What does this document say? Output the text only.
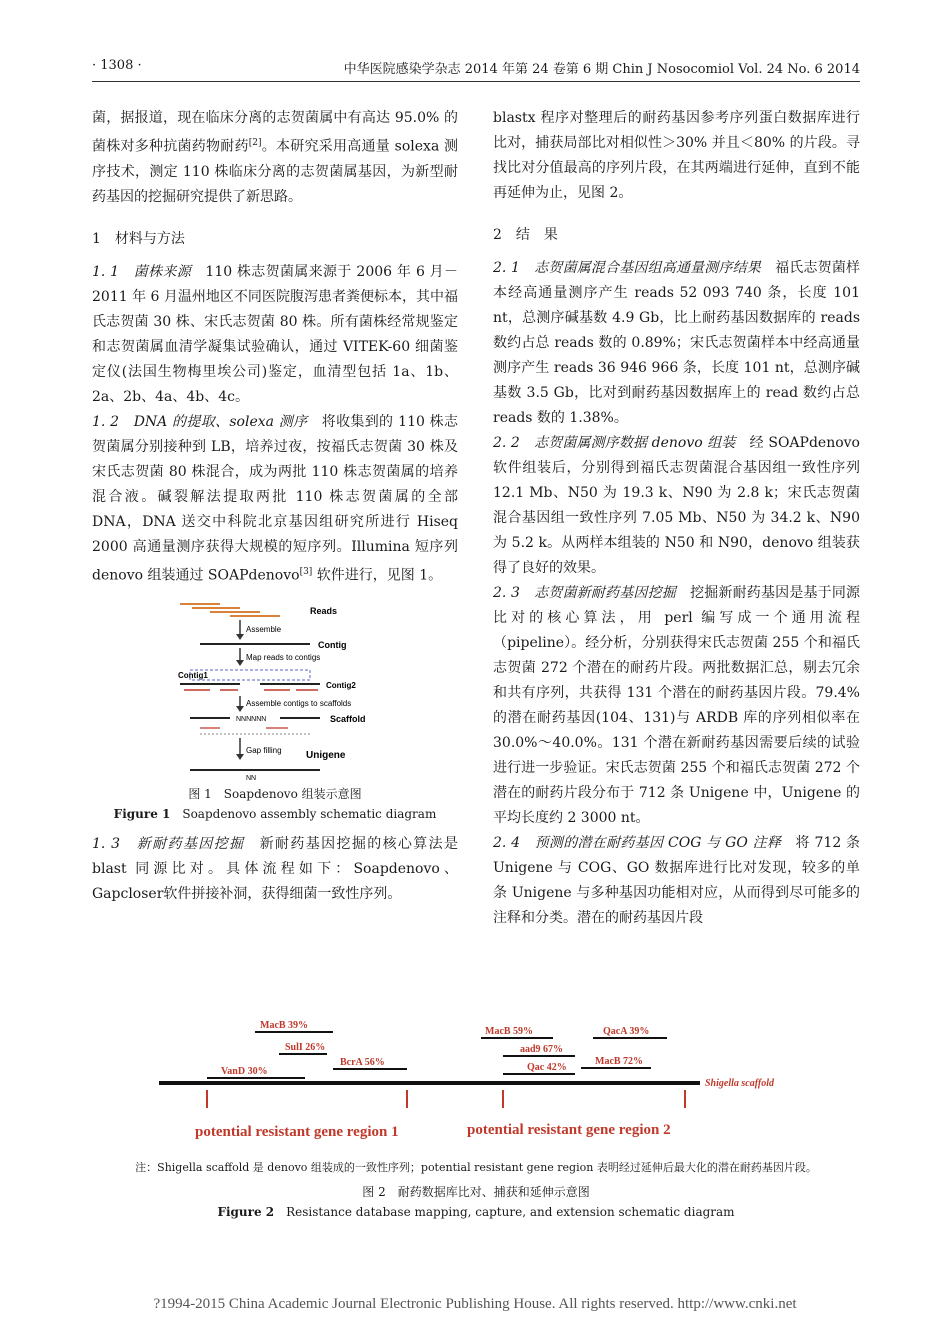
· 1308 ·	中华医院感染学杂志 2014 年第 24 卷第 6 期 Chin J Nosocomiol Vol. 24 No. 6 2014

菌，据报道，现在临床分离的志贺菌属中有高达 95.0% 的菌株对多种抗菌药物耐药[2]。本研究采用高通量 solexa 测序技术，测定 110 株临床分离的志贺菌属基因，为新型耐药基因的挖掘研究提供了新思路。

1　材料与方法

1. 1　菌株来源　110 株志贺菌属来源于 2006 年 6 月－2011 年 6 月温州地区不同医院腹泻患者粪便标本，其中福氏志贺菌 30 株、宋氏志贺菌 80 株。所有菌株经常规鉴定和志贺菌属血清学凝集试验确认，通过 VITEK-60 细菌鉴定仪(法国生物梅里埃公司)鉴定，血清型包括 1a、1b、2a、2b、4a、4b、4c。

1. 2　DNA 的提取、solexa 测序　将收集到的 110 株志贺菌属分别接种到 LB，培养过夜，按福氏志贺菌 30 株及宋氏志贺菌 80 株混合，成为两批 110 株志贺菌属的培养混合液。碱裂解法提取两批 110 株志贺菌属的全部 DNA，DNA 送交中科院北京基因组研究所进行 Hiseq 2000 高通量测序获得大规模的短序列。Illumina 短序列 denovo 组装通过 SOAPdenovo[3] 软件进行，见图 1。

Reads
Assemble
Contig
Map reads to contigs
Contig1
Contig2
Assemble contigs to scaffolds
NNNNNN	Scaffold
Gap filling Unigene
NN
图 1　Soapdenovo 组装示意图
Figure 1　Soapdenovo assembly schematic diagram

1. 3　新耐药基因挖掘　新耐药基因挖掘的核心算法是 blast 同源比对。具体流程如下：Soapdenovo、Gapcloser软件拼接补洞，获得细菌一致性序列。

blastx 程序对整理后的耐药基因参考序列蛋白数据库进行比对，捕获局部比对相似性＞30% 并且＜80% 的片段。寻找比对分值最高的序列片段，在其两端进行延伸，直到不能再延伸为止，见图 2。

2　结　果

2. 1　志贺菌属混合基因组高通量测序结果　福氏志贺菌样本经高通量测序产生 reads 52 093 740 条，长度 101 nt，总测序碱基数 4.9 Gb，比上耐药基因数据库的 reads 数约占总 reads 数的 0.89%；宋氏志贺菌样本中经高通量测序产生 reads 36 946 966 条，长度 101 nt，总测序碱基数 3.5 Gb，比对到耐药基因数据库上的 read 数约占总 reads 数的 1.38%。

2. 2　志贺菌属测序数据 denovo 组装　经 SOAPdenovo 软件组装后，分别得到福氏志贺菌混合基因组一致性序列 12.1 Mb、N50 为 19.3 k、N90 为 2.8 k；宋氏志贺菌混合基因组一致性序列 7.05 Mb、N50 为 34.2 k、N90 为 5.2 k。从两样本组装的 N50 和 N90，denovo 组装获得了良好的效果。

2. 3　志贺菌新耐药基因挖掘　挖掘新耐药基因是基于同源比对的核心算法，用 perl 编写成一个通用流程（pipeline）。经分析，分别获得宋氏志贺菌 255 个和福氏志贺菌 272 个潜在的耐药片段。两批数据汇总，剔去冗余和共有序列，共获得 131 个潜在的耐药基因片段。79.4%的潜在耐药基因(104、131)与 ARDB 库的序列相似率在 30.0%～40.0%。131 个潜在新耐药基因需要后续的试验进行进一步验证。宋氏志贺菌 255 个和福氏志贺菌 272 个潜在的耐药片段分布于 712 条 Unigene 中，Unigene 的平均长度约 2 3000 nt。

2. 4　预测的潜在耐药基因 COG 与 GO 注释　将 712 条 Unigene 与 COG、GO 数据库进行比对发现，较多的单条 Unigene 与多种基因功能相对应，从而得到尽可能多的注释和分类。潜在的耐药基因片段

MacB 39%
SulI 26%
BcrA 56%
VanD 30%
MacB 59%
aad9 67%
Qac 42%
QacA 39%
MacB 72%
Shigella scaffold
potential resistant gene region 1	potential resistant gene region 2
注：Shigella scaffold 是 denovo 组装成的一致性序列；potential resistant gene region 表明经过延伸后最大化的潜在耐药基因片段。
图 2　耐药数据库比对、捕获和延伸示意图
Figure 2　Resistance database mapping, capture, and extension schematic diagram
?1994-2015 China Academic Journal Electronic Publishing House. All rights reserved. http://www.cnki.net
